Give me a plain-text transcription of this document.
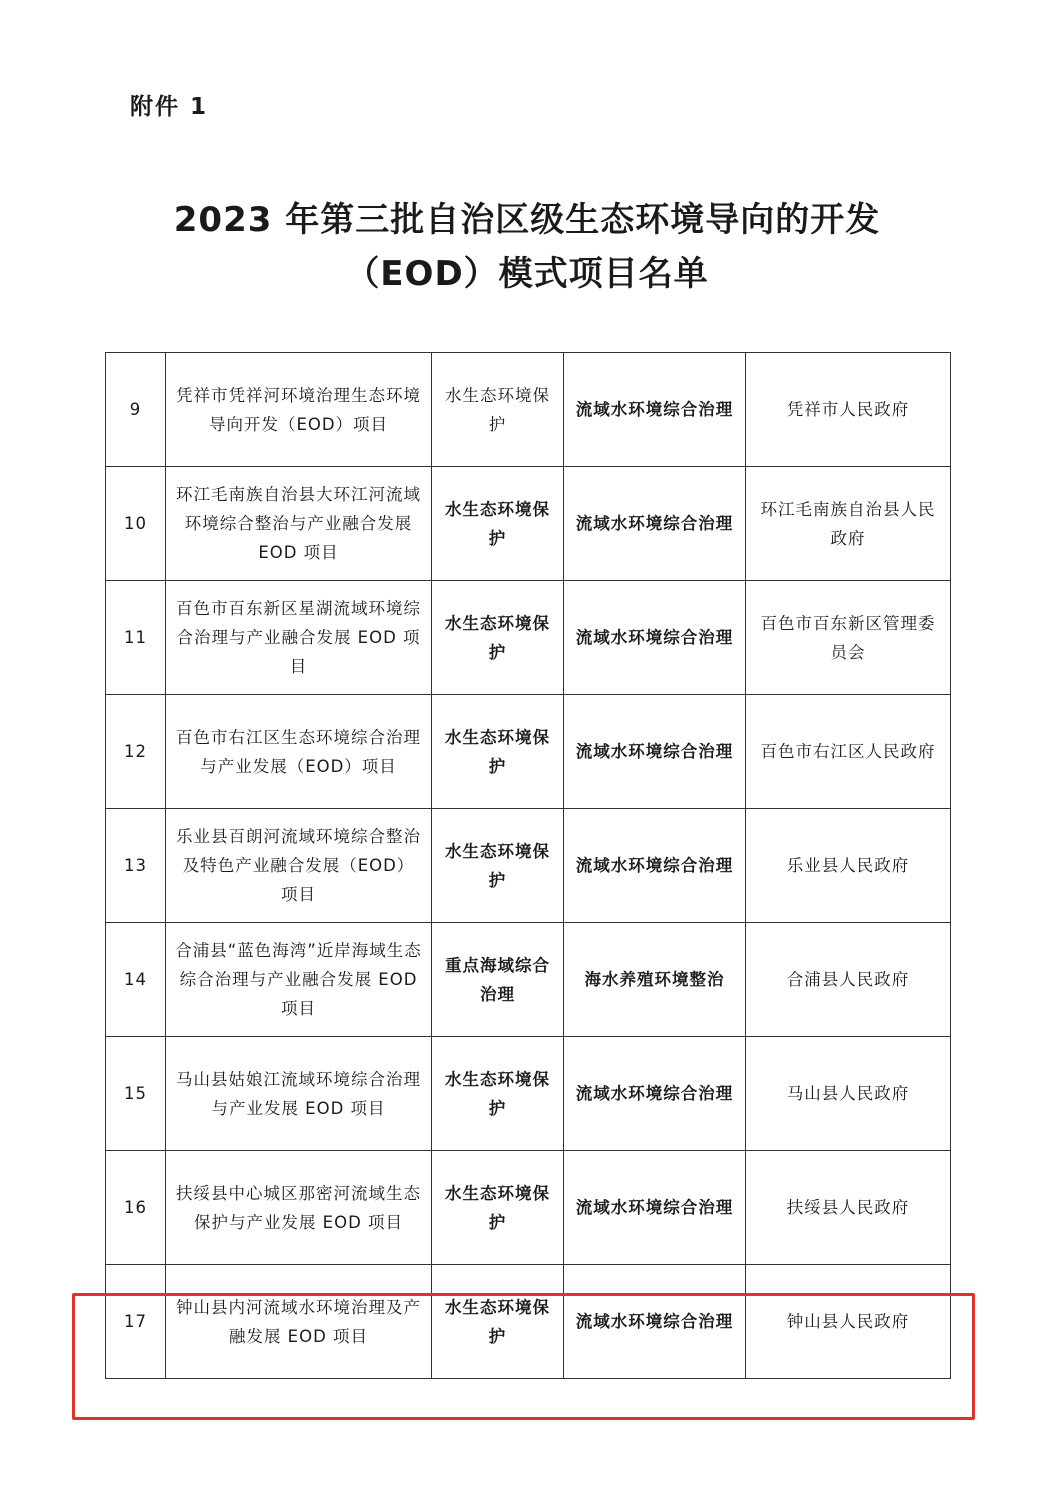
附件 1
2023 年第三批自治区级生态环境导向的开发
（EOD）模式项目名单
9	凭祥市凭祥河环境治理生态环境导向开发（EOD）项目	水生态环境保护	流域水环境综合治理	凭祥市人民政府
10	环江毛南族自治县大环江河流域环境综合整治与产业融合发展 EOD 项目	水生态环境保护	流域水环境综合治理	环江毛南族自治县人民政府
11	百色市百东新区星湖流域环境综合治理与产业融合发展 EOD 项目	水生态环境保护	流域水环境综合治理	百色市百东新区管理委员会
12	百色市右江区生态环境综合治理与产业发展（EOD）项目	水生态环境保护	流域水环境综合治理	百色市右江区人民政府
13	乐业县百朗河流域环境综合整治及特色产业融合发展（EOD）项目	水生态环境保护	流域水环境综合治理	乐业县人民政府
14	合浦县“蓝色海湾”近岸海域生态综合治理与产业融合发展 EOD 项目	重点海域综合治理	海水养殖环境整治	合浦县人民政府
15	马山县姑娘江流域环境综合治理与产业发展 EOD 项目	水生态环境保护	流域水环境综合治理	马山县人民政府
16	扶绥县中心城区那密河流域生态保护与产业发展 EOD 项目	水生态环境保护	流域水环境综合治理	扶绥县人民政府
17	钟山县内河流域水环境治理及产融发展 EOD 项目	水生态环境保护	流域水环境综合治理	钟山县人民政府
